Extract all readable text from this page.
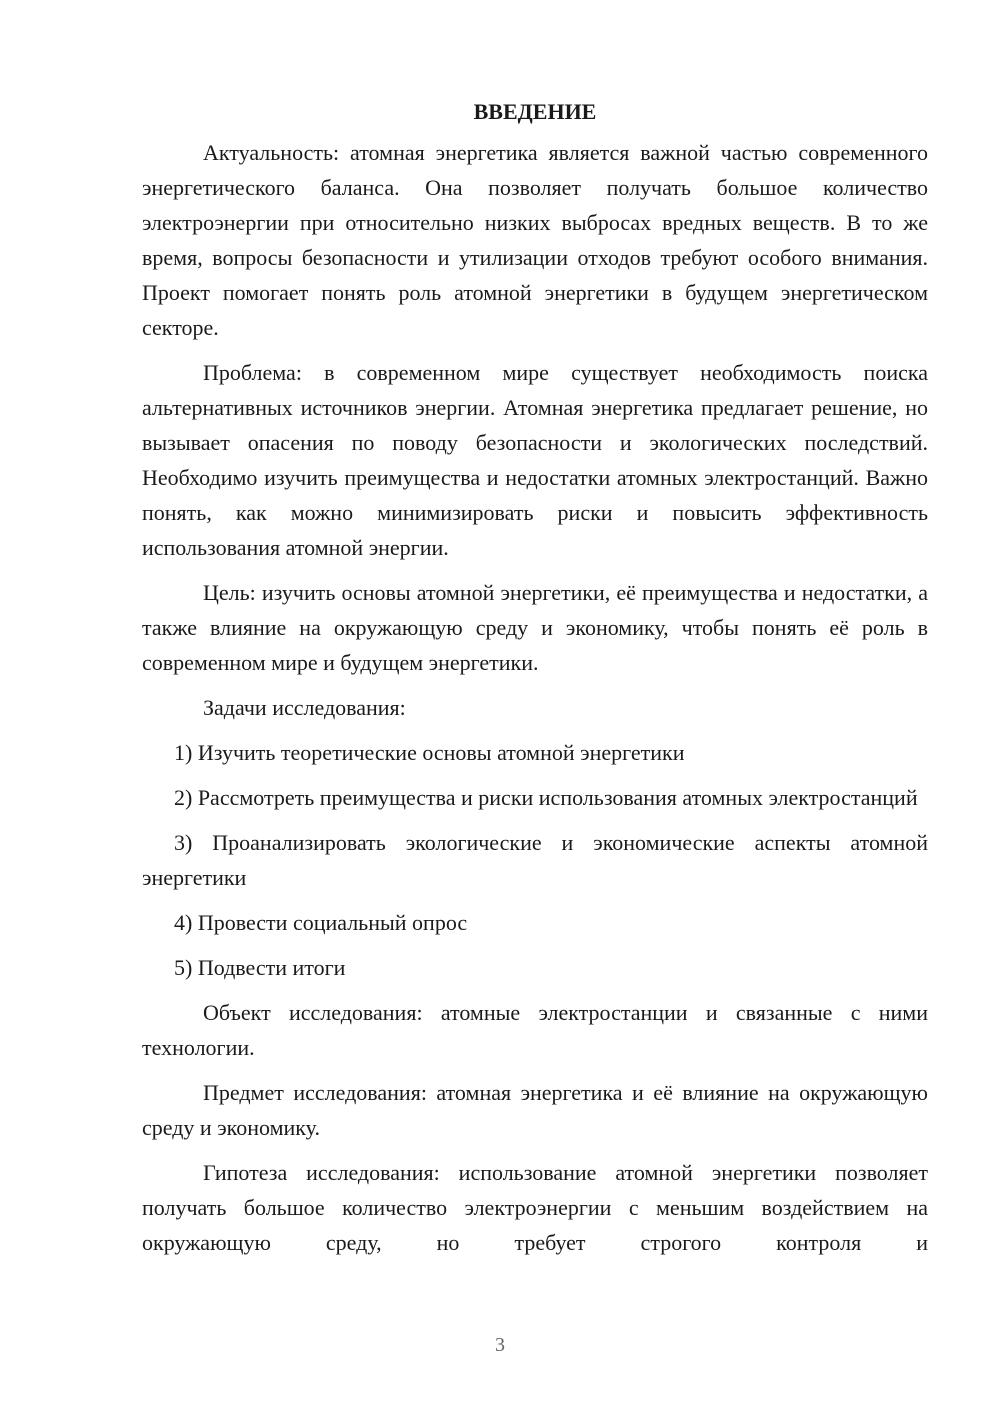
ВВЕДЕНИЕ

Актуальность: атомная энергетика является важной частью современного энергетического баланса. Она позволяет получать большое количество электроэнергии при относительно низких выбросах вредных веществ. В то же время, вопросы безопасности и утилизации отходов требуют особого внимания. Проект помогает понять роль атомной энергетики в будущем энергетическом секторе.

Проблема: в современном мире существует необходимость поиска альтернативных источников энергии. Атомная энергетика предлагает решение, но вызывает опасения по поводу безопасности и экологических последствий. Необходимо изучить преимущества и недостатки атомных электростанций. Важно понять, как можно минимизировать риски и повысить эффективность использования атомной энергии.

Цель: изучить основы атомной энергетики, её преимущества и недостатки, а также влияние на окружающую среду и экономику, чтобы понять её роль в современном мире и будущем энергетики.

Задачи исследования:

1) Изучить теоретические основы атомной энергетики

2) Рассмотреть преимущества и риски использования атомных электростанций

3) Проанализировать экологические и экономические аспекты атомной энергетики

4) Провести социальный опрос

5) Подвести итоги

Объект исследования: атомные электростанции и связанные с ними технологии.

Предмет исследования: атомная энергетика и её влияние на окружающую среду и экономику.

Гипотеза исследования: использование атомной энергетики позволяет получать большое количество электроэнергии с меньшим воздействием на окружающую среду, но требует строгого контроля и

3
